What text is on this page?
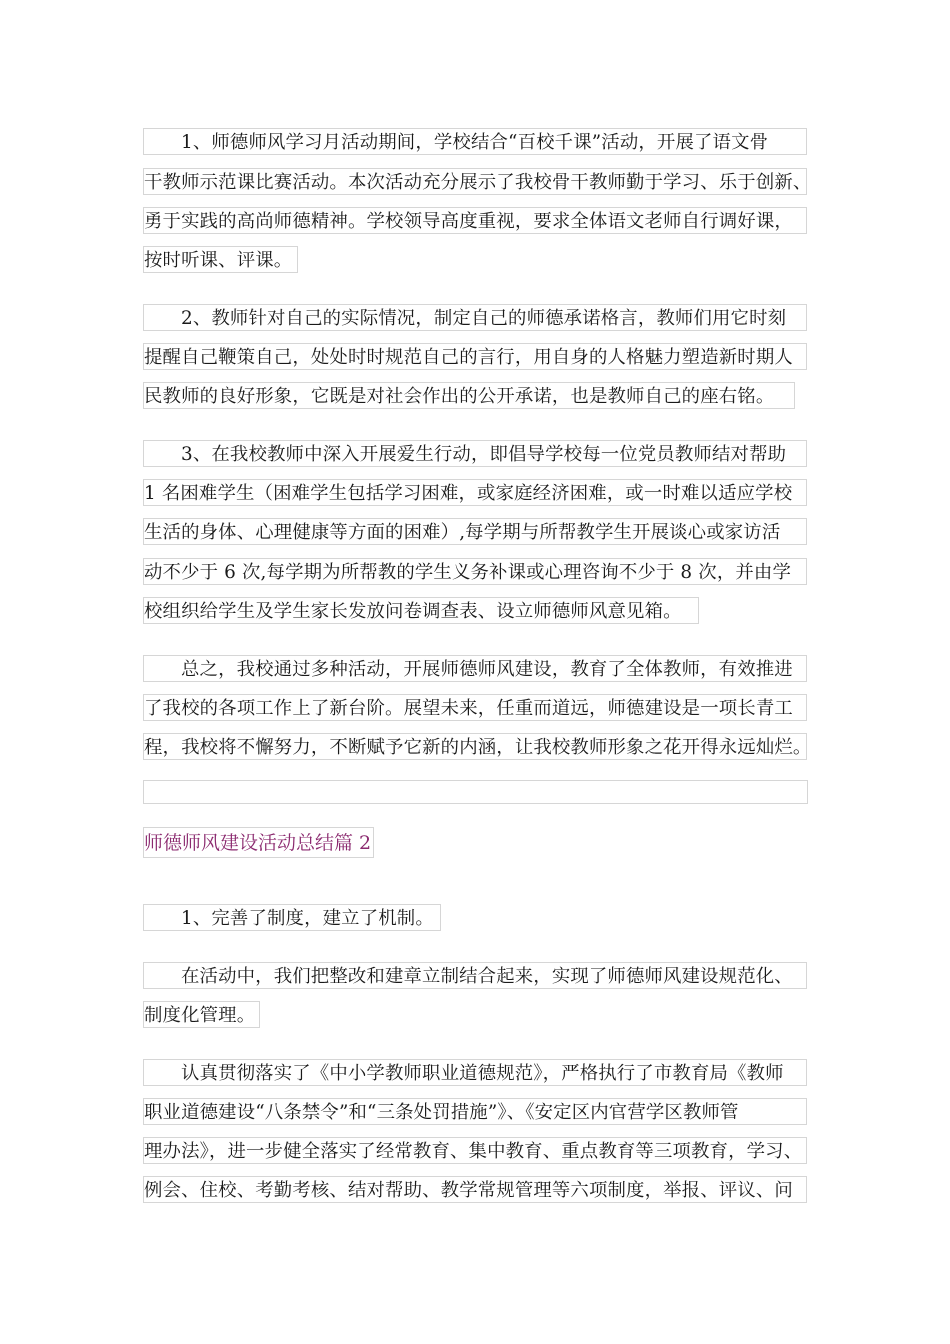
1、师德师风学习月活动期间，学校结合“百校千课”活动，开展了语文骨
干教师示范课比赛活动。本次活动充分展示了我校骨干教师勤于学习、乐于创新、
勇于实践的高尚师德精神。学校领导高度重视，要求全体语文老师自行调好课，
按时听课、评课。
2、教师针对自己的实际情况，制定自己的师德承诺格言，教师们用它时刻
提醒自己鞭策自己，处处时时规范自己的言行，用自身的人格魅力塑造新时期人
民教师的良好形象，它既是对社会作出的公开承诺，也是教师自己的座右铭。
3、在我校教师中深入开展爱生行动，即倡导学校每一位党员教师结对帮助
1 名困难学生（困难学生包括学习困难，或家庭经济困难，或一时难以适应学校
生活的身体、心理健康等方面的困难）,每学期与所帮教学生开展谈心或家访活
动不少于 6 次,每学期为所帮教的学生义务补课或心理咨询不少于 8 次，并由学
校组织给学生及学生家长发放问卷调查表、设立师德师风意见箱。
总之，我校通过多种活动，开展师德师风建设，教育了全体教师，有效推进
了我校的各项工作上了新台阶。展望未来，任重而道远，师德建设是一项长青工
程，我校将不懈努力，不断赋予它新的内涵，让我校教师形象之花开得永远灿烂。
师德师风建设活动总结篇 2
1、完善了制度，建立了机制。
在活动中，我们把整改和建章立制结合起来，实现了师德师风建设规范化、
制度化管理。
认真贯彻落实了《中小学教师职业道德规范》，严格执行了市教育局《教师
职业道德建设“八条禁令”和“三条处罚措施”》、《安定区内官营学区教师管
理办法》，进一步健全落实了经常教育、集中教育、重点教育等三项教育，学习、
例会、住校、考勤考核、结对帮助、教学常规管理等六项制度，举报、评议、问
